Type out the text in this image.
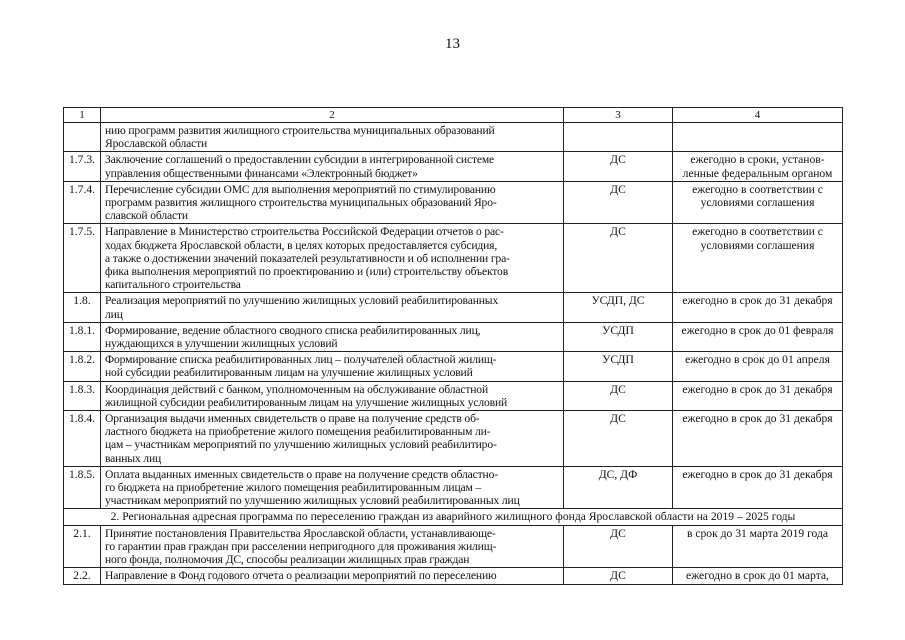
13
1	2	3	4

	нию программ развития жилищного строительства муниципальных образований
Ярославской области		

1.7.3.	Заключение соглашений о предоставлении субсидии в интегрированной системе
управления общественными финансами «Электронный бюджет»	ДС	ежегодно в сроки, установ-
ленные федеральным органом

1.7.4.	Перечисление субсидии ОМС для выполнения мероприятий по стимулированию
программ развития жилищного строительства муниципальных образований Яро-
славской области	ДС	ежегодно в соответствии с
условиями соглашения

1.7.5.	Направление в Министерство строительства Российской Федерации отчетов о рас-
ходах бюджета Ярославской области, в целях которых предоставляется субсидия,
а также о достижении значений показателей результативности и об исполнении гра-
фика выполнения мероприятий по проектированию и (или) строительству объектов
капитального строительства	ДС	ежегодно в соответствии с
условиями соглашения

1.8.	Реализация мероприятий по улучшению жилищных условий реабилитированных
лиц	УСДП, ДС	ежегодно в срок до 31 декабря

1.8.1.	Формирование, ведение областного сводного списка реабилитированных лиц,
нуждающихся в улучшении жилищных условий	УСДП	ежегодно в срок до 01 февраля

1.8.2.	Формирование списка реабилитированных лиц – получателей областной жилищ-
ной субсидии реабилитированным лицам на улучшение жилищных условий	УСДП	ежегодно в срок до 01 апреля

1.8.3.	Координация действий с банком, уполномоченным на обслуживание областной
жилищной субсидии реабилитированным лицам на улучшение жилищных условий	ДС	ежегодно в срок до 31 декабря

1.8.4.	Организация выдачи именных свидетельств о праве на получение средств об-
ластного бюджета на приобретение жилого помещения реабилитированным ли-
цам – участникам мероприятий по улучшению жилищных условий реабилитиро-
ванных лиц	ДС	ежегодно в срок до 31 декабря

1.8.5.	Оплата выданных именных свидетельств о праве на получение средств областно-
го бюджета на приобретение жилого помещения реабилитированным лицам –
участникам мероприятий по улучшению жилищных условий реабилитированных лиц	ДС, ДФ	ежегодно в срок до 31 декабря

2. Региональная адресная программа по переселению граждан из аварийного жилищного фонда Ярославской области на 2019 – 2025 годы			
2.1.	Принятие постановления Правительства Ярославской области, устанавливающе-
го гарантии прав граждан при расселении непригодного для проживания жилищ-
ного фонда, полномочия ДС, способы реализации жилищных прав граждан	ДС	в срок до 31 марта 2019 года

2.2.	Направление в Фонд годового отчета о реализации мероприятий по переселению	ДС	ежегодно в срок до 01 марта,
